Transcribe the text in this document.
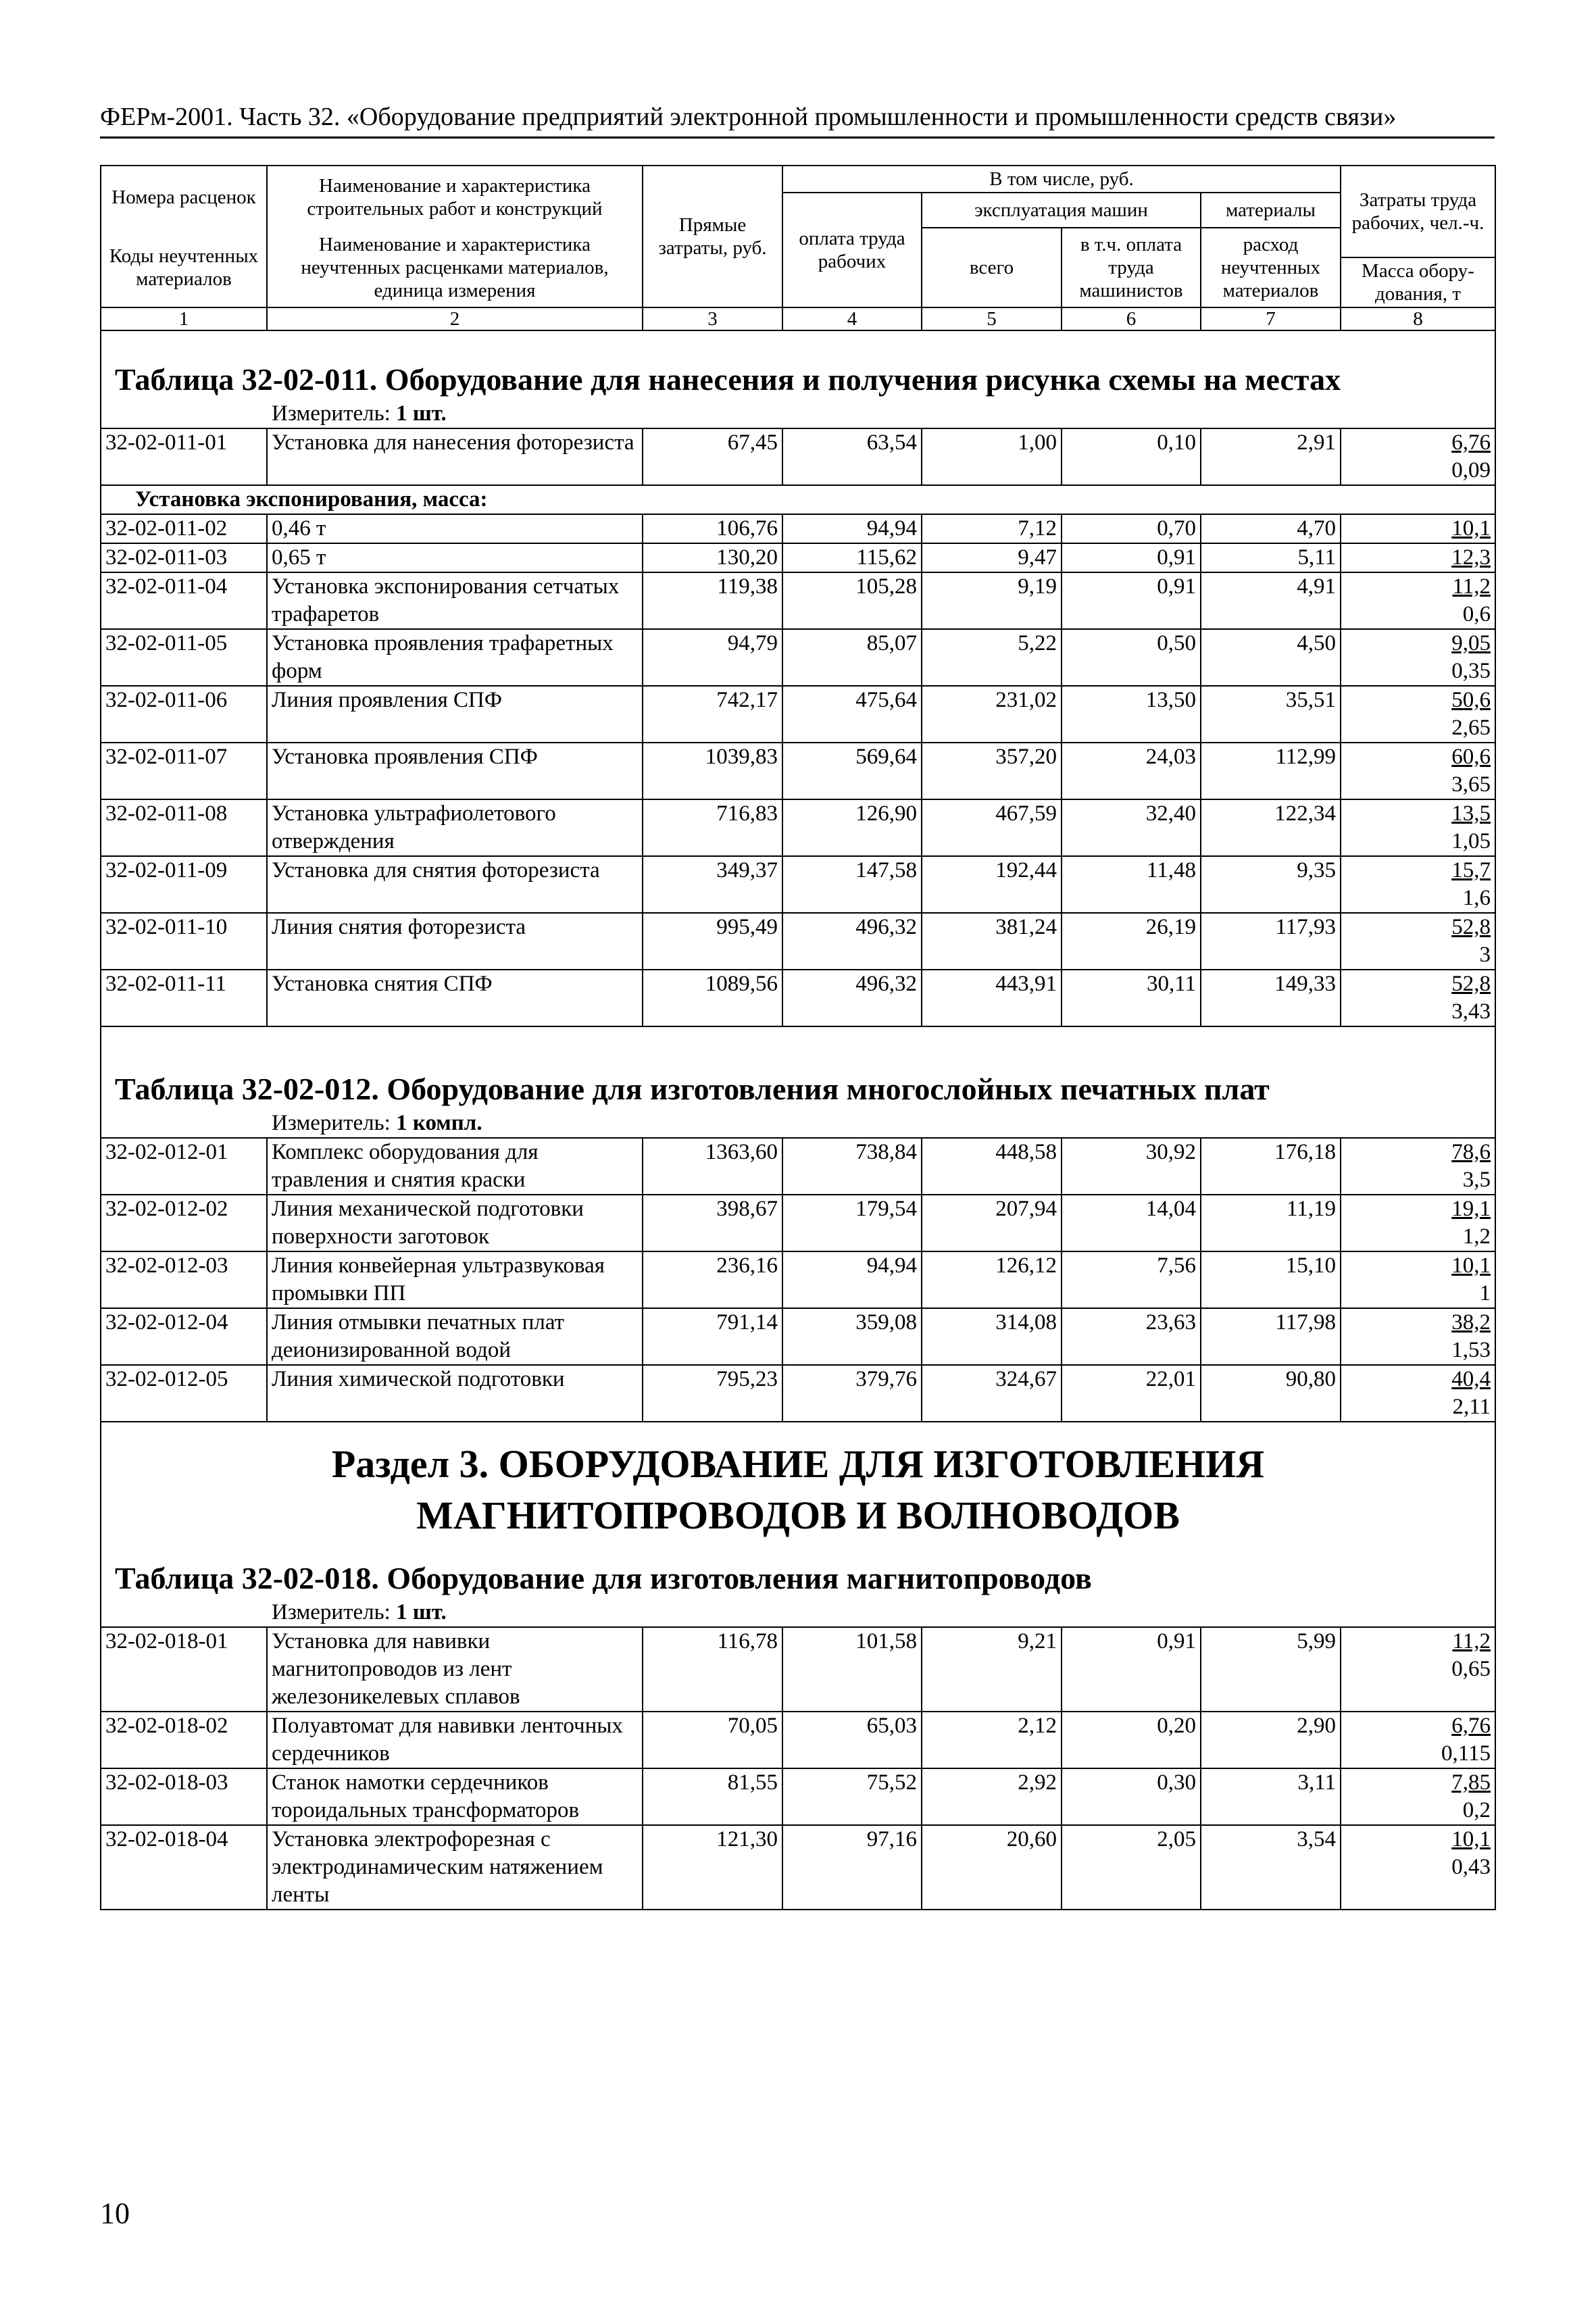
ФЕРм-2001. Часть 32. «Оборудование предприятий электронной промышленности и промышленности средств связи»
Номера расценок	Наименование и характеристика строительных работ и конструкций	Прямые затраты, руб.	В том числе, руб.				Затраты труда рабочих, чел.-ч.
			оплата труда рабочих	эксплуатация машин		материалы	
Коды неучтенных материалов	Наименование и характеристика неучтенных расценками материалов, единица измерения			всего	в т.ч. оплата труда машинистов	расход неучтенных материалов	
							Масса обору-дования, т
1	2	3	4	5	6	7	8

Таблица 32-02-011. Оборудование для нанесения и получения рисунка схемы на местах							
Измеритель: 1 шт.							
32-02-011-01	Установка для нанесения фоторезиста	67,45	63,54	1,00	0,10	2,91	6,76
0,09

Установка экспонирования, масса:							
32-02-011-02	0,46 т	106,76	94,94	7,12	0,70	4,70	10,1

32-02-011-03	0,65 т	130,20	115,62	9,47	0,91	5,11	12,3

32-02-011-04	Установка экспонирования сетчатых трафаретов	119,38	105,28	9,19	0,91	4,91	11,2
0,6

32-02-011-05	Установка проявления трафаретных форм	94,79	85,07	5,22	0,50	4,50	9,05
0,35

32-02-011-06	Линия проявления СПФ	742,17	475,64	231,02	13,50	35,51	50,6
2,65

32-02-011-07	Установка проявления СПФ	1039,83	569,64	357,20	24,03	112,99	60,6
3,65

32-02-011-08	Установка ультрафиолетового отверждения	716,83	126,90	467,59	32,40	122,34	13,5
1,05

32-02-011-09	Установка для снятия фоторезиста	349,37	147,58	192,44	11,48	9,35	15,7
1,6

32-02-011-10	Линия снятия фоторезиста	995,49	496,32	381,24	26,19	117,93	52,8
3

32-02-011-11	Установка снятия СПФ	1089,56	496,32	443,91	30,11	149,33	52,8
3,43

Таблица 32-02-012. Оборудование для изготовления многослойных печатных плат							
Измеритель: 1 компл.							
32-02-012-01	Комплекс оборудования для травления и снятия краски	1363,60	738,84	448,58	30,92	176,18	78,6
3,5

32-02-012-02	Линия механической подготовки поверхности заготовок	398,67	179,54	207,94	14,04	11,19	19,1
1,2

32-02-012-03	Линия конвейерная ультразвуковая промывки ПП	236,16	94,94	126,12	7,56	15,10	10,1
1

32-02-012-04	Линия отмывки печатных плат деионизированной водой	791,14	359,08	314,08	23,63	117,98	38,2
1,53

32-02-012-05	Линия химической подготовки	795,23	379,76	324,67	22,01	90,80	40,4
2,11

Раздел 3. ОБОРУДОВАНИЕ ДЛЯ ИЗГОТОВЛЕНИЯ
МАГНИТОПРОВОДОВ И ВОЛНОВОДОВ							

Таблица 32-02-018. Оборудование для изготовления магнитопроводов							
Измеритель: 1 шт.							
32-02-018-01	Установка для навивки магнитопроводов из лент железоникелевых сплавов	116,78	101,58	9,21	0,91	5,99	11,2
0,65

32-02-018-02	Полуавтомат для навивки ленточных сердечников	70,05	65,03	2,12	0,20	2,90	6,76
0,115

32-02-018-03	Станок намотки сердечников тороидальных трансформаторов	81,55	75,52	2,92	0,30	3,11	7,85
0,2

32-02-018-04	Установка электрофорезная с электродинамическим натяжением ленты	121,30	97,16	20,60	2,05	3,54	10,1
0,43
10
